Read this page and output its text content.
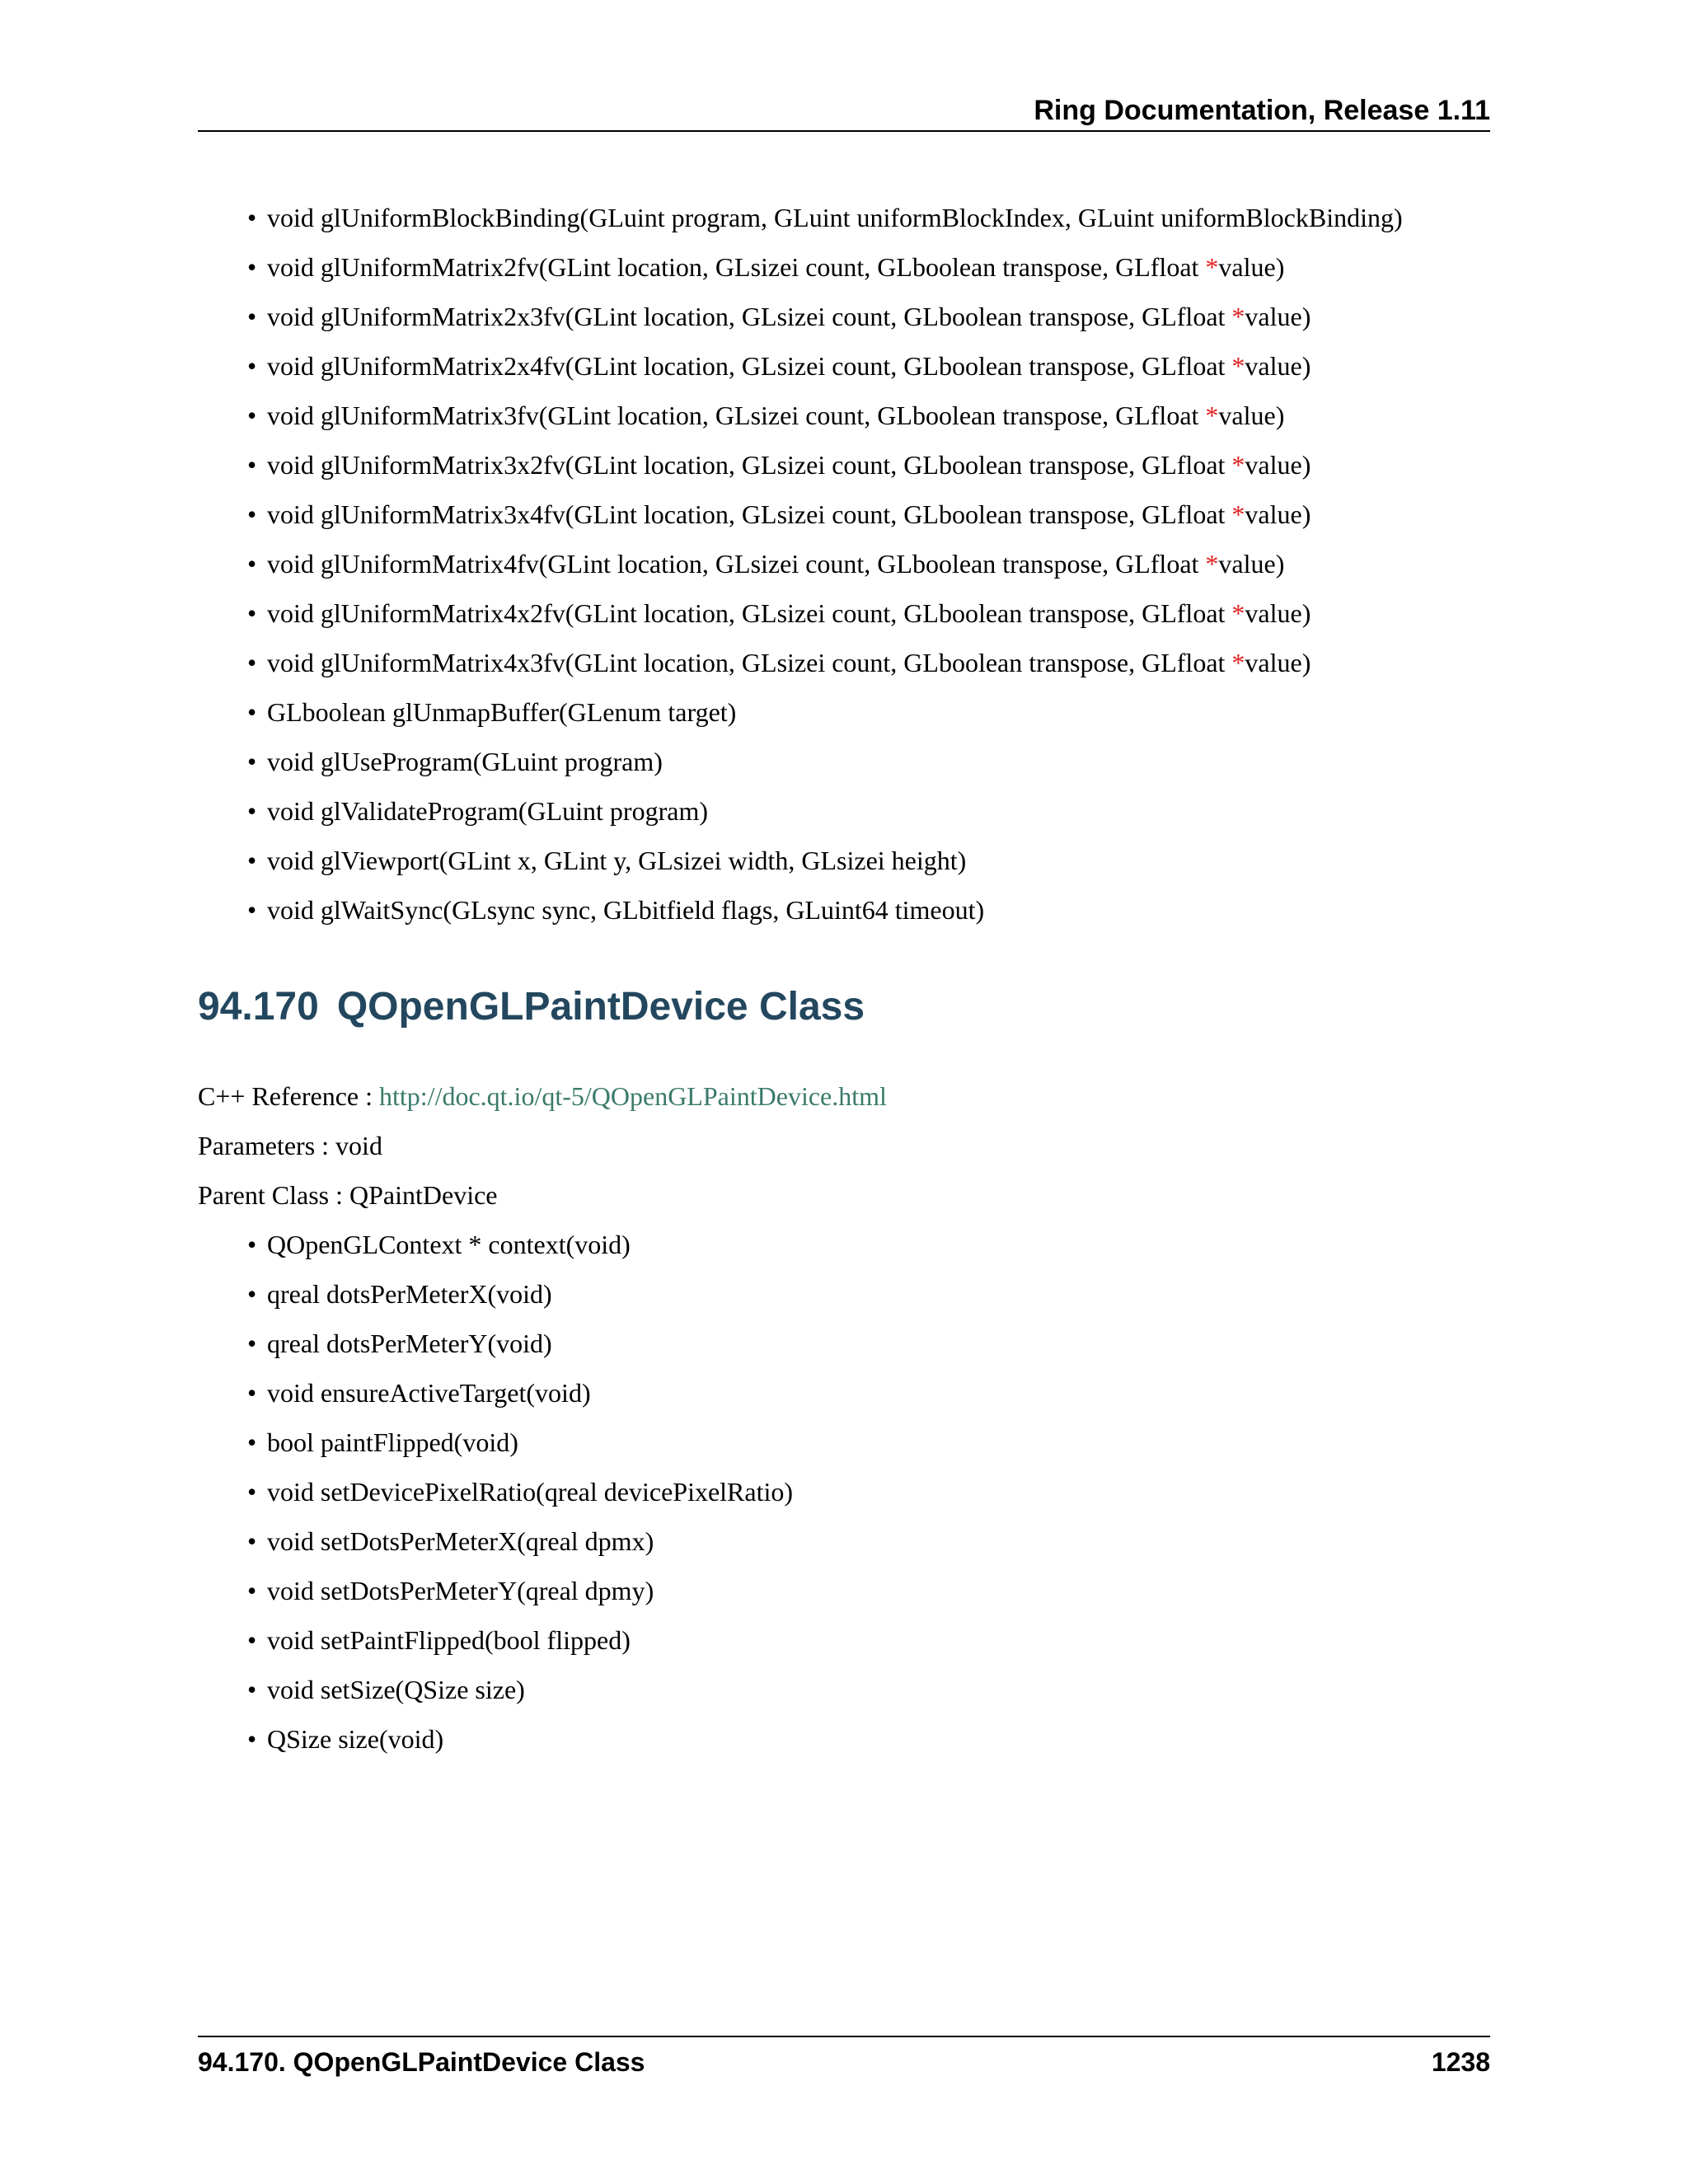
Ring Documentation, Release 1.11
• void glUniformBlockBinding(GLuint program, GLuint uniformBlockIndex, GLuint uniformBlockBinding)
• void glUniformMatrix2fv(GLint location, GLsizei count, GLboolean transpose, GLfloat *value)
• void glUniformMatrix2x3fv(GLint location, GLsizei count, GLboolean transpose, GLfloat *value)
• void glUniformMatrix2x4fv(GLint location, GLsizei count, GLboolean transpose, GLfloat *value)
• void glUniformMatrix3fv(GLint location, GLsizei count, GLboolean transpose, GLfloat *value)
• void glUniformMatrix3x2fv(GLint location, GLsizei count, GLboolean transpose, GLfloat *value)
• void glUniformMatrix3x4fv(GLint location, GLsizei count, GLboolean transpose, GLfloat *value)
• void glUniformMatrix4fv(GLint location, GLsizei count, GLboolean transpose, GLfloat *value)
• void glUniformMatrix4x2fv(GLint location, GLsizei count, GLboolean transpose, GLfloat *value)
• void glUniformMatrix4x3fv(GLint location, GLsizei count, GLboolean transpose, GLfloat *value)
• GLboolean glUnmapBuffer(GLenum target)
• void glUseProgram(GLuint program)
• void glValidateProgram(GLuint program)
• void glViewport(GLint x, GLint y, GLsizei width, GLsizei height)
• void glWaitSync(GLsync sync, GLbitfield flags, GLuint64 timeout)
94.170 QOpenGLPaintDevice Class
C++ Reference : http://doc.qt.io/qt-5/QOpenGLPaintDevice.html
Parameters : void
Parent Class : QPaintDevice
• QOpenGLContext * context(void)
• qreal dotsPerMeterX(void)
• qreal dotsPerMeterY(void)
• void ensureActiveTarget(void)
• bool paintFlipped(void)
• void setDevicePixelRatio(qreal devicePixelRatio)
• void setDotsPerMeterX(qreal dpmx)
• void setDotsPerMeterY(qreal dpmy)
• void setPaintFlipped(bool flipped)
• void setSize(QSize size)
• QSize size(void)
94.170. QOpenGLPaintDevice Class	1238
